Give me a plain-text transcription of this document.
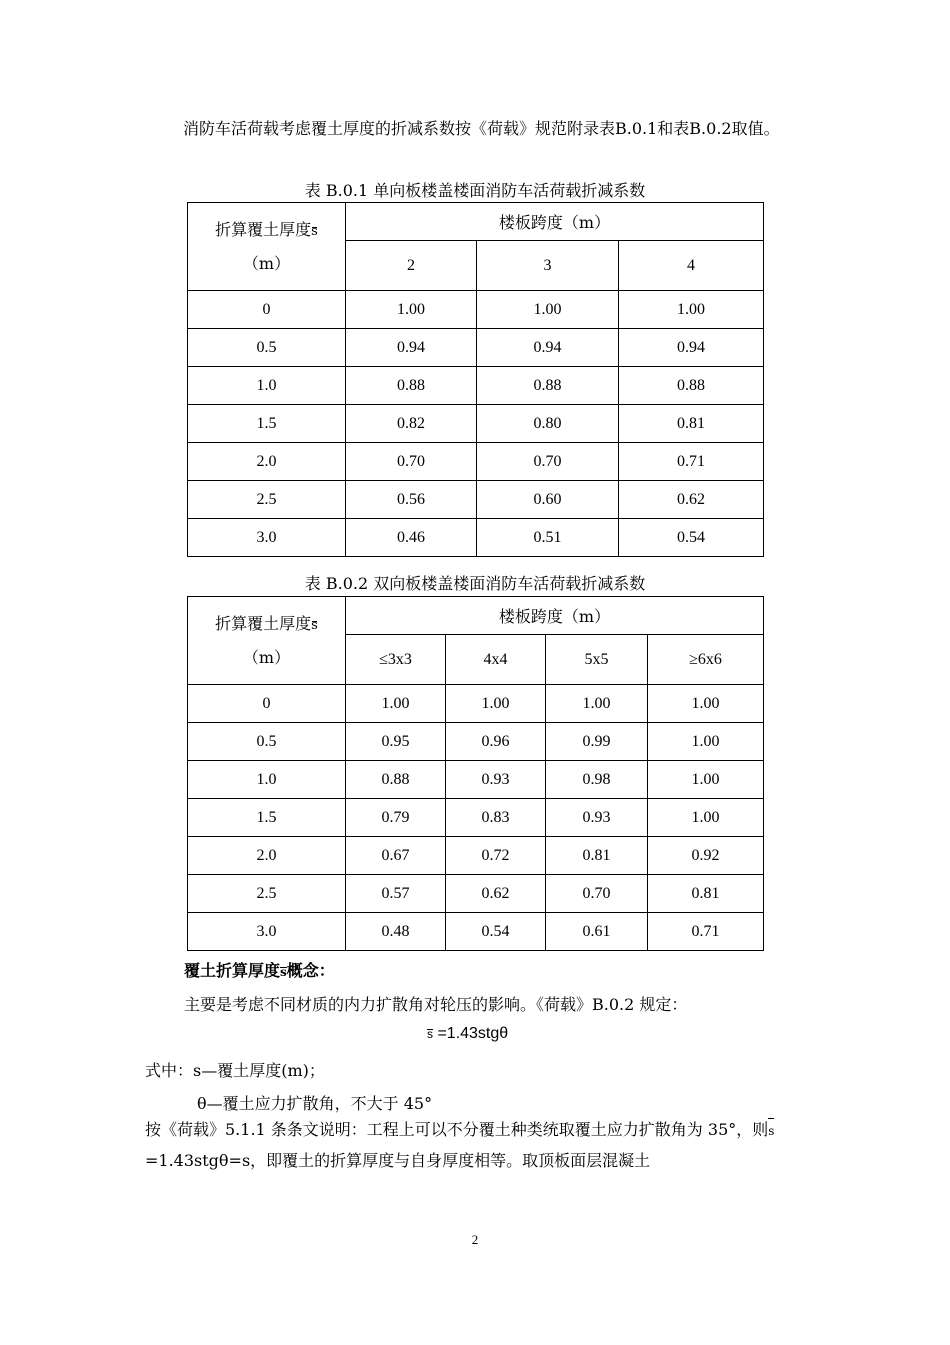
消防车活荷载考虑覆土厚度的折减系数按《荷载》规范附录表B.0.1和表B.0.2取值。

表 B.0.1 单向板楼盖楼面消防车活荷载折减系数
折算覆土厚度s
（m）	楼板跨度（m）		
	2	3	4
0	1.00	1.00	1.00
0.5	0.94	0.94	0.94
1.0	0.88	0.88	0.88
1.5	0.82	0.80	0.81
2.0	0.70	0.70	0.71
2.5	0.56	0.60	0.62
3.0	0.46	0.51	0.54
表 B.0.2 双向板楼盖楼面消防车活荷载折减系数
折算覆土厚度s
（m）	楼板跨度（m）			
	≤3x3	4x4	5x5	≥6x6
0	1.00	1.00	1.00	1.00
0.5	0.95	0.96	0.99	1.00
1.0	0.88	0.93	0.98	1.00
1.5	0.79	0.83	0.93	1.00
2.0	0.67	0.72	0.81	0.92
2.5	0.57	0.62	0.70	0.81
3.0	0.48	0.54	0.61	0.71
覆土折算厚度s概念：
主要是考虑不同材质的内力扩散角对轮压的影响。《荷载》B.0.2 规定：
s =1.43stgθ
式中：s—覆土厚度(m)；
θ—覆土应力扩散角，不大于 45°

按《荷载》5.1.1 条条文说明：工程上可以不分覆土种类统取覆土应力扩散角为 35°，则s =1.43stgθ=s，即覆土的折算厚度与自身厚度相等。取顶板面层混凝土

2
